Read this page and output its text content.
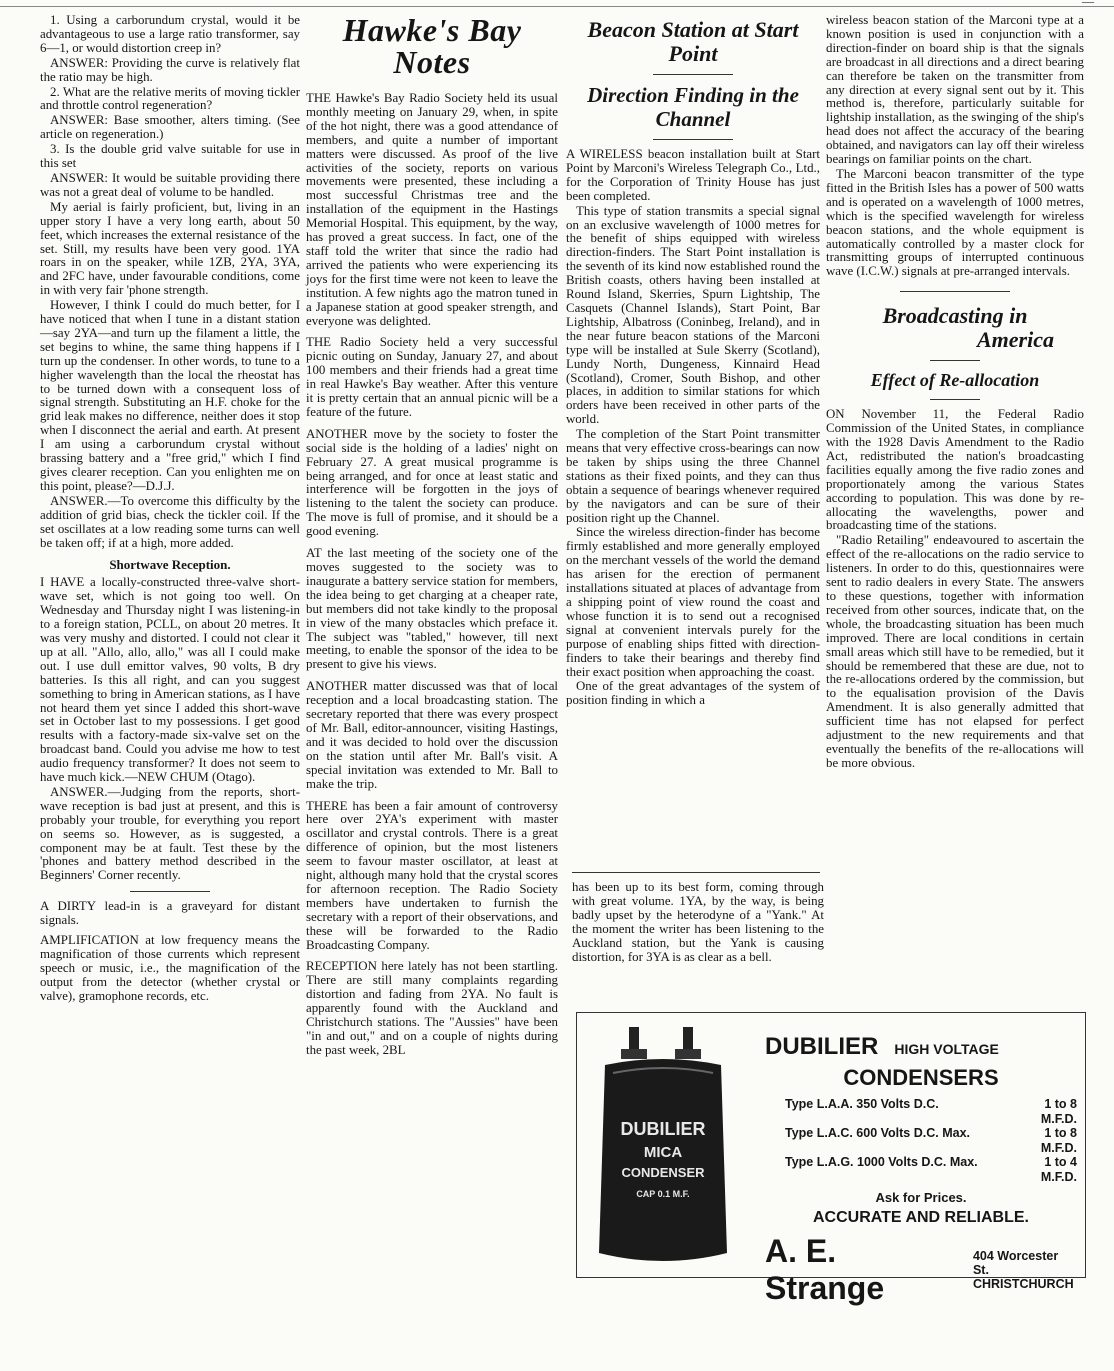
1. Using a carborundum crystal, would it be advantageous to use a large ratio transformer, say 6—1, or would distortion creep in?

ANSWER: Providing the curve is relatively flat the ratio may be high.

2. What are the relative merits of moving tickler and throttle control regeneration?

ANSWER: Base smoother, alters timing. (See article on regeneration.)

3. Is the double grid valve suitable for use in this set

ANSWER: It would be suitable providing there was not a great deal of volume to be handled.

My aerial is fairly proficient, but, living in an upper story I have a very long earth, about 50 feet, which increases the external resistance of the set. Still, my results have been very good. 1YA roars in on the speaker, while 1ZB, 2YA, 3YA, and 2FC have, under favourable conditions, come in with very fair 'phone strength.

However, I think I could do much better, for I have noticed that when I tune in a distant station—say 2YA—and turn up the filament a little, the set begins to whine, the same thing happens if I turn up the condenser. In other words, to tune to a higher wavelength than the local the rheostat has to be turned down with a consequent loss of signal strength. Substituting an H.F. choke for the grid leak makes no difference, neither does it stop when I disconnect the aerial and earth. At present I am using a carborundum crystal without brassing battery and a "free grid," which I find gives clearer reception. Can you enlighten me on this point, please?—D.J.J.

ANSWER.—To overcome this difficulty by the addition of grid bias, check the tickler coil. If the set oscillates at a low reading some turns can well be taken off; if at a high, more added.

Shortwave Reception.

I HAVE a locally-constructed three-valve short-wave set, which is not going too well. On Wednesday and Thursday night I was listening-in to a foreign station, PCLL, on about 20 metres. It was very mushy and distorted. I could not clear it up at all. "Allo, allo, allo," was all I could make out. I use dull emittor valves, 90 volts, B dry batteries. Is this all right, and can you suggest something to bring in American stations, as I have not heard them yet since I added this short-wave set in October last to my possessions. I get good results with a factory-made six-valve set on the broadcast band. Could you advise me how to test audio frequency transformer? It does not seem to have much kick.—NEW CHUM (Otago).

ANSWER.—Judging from the reports, short-wave reception is bad just at present, and this is probably your trouble, for everything you report on seems so. However, as is suggested, a component may be at fault. Test these by the 'phones and battery method described in the Beginners' Corner recently.

A DIRTY lead-in is a graveyard for distant signals.

AMPLIFICATION at low frequency means the magnification of those currents which represent speech or music, i.e., the magnification of the output from the detector (whether crystal or valve), gramophone records, etc.

Hawke's Bay
Notes

THE Hawke's Bay Radio Society held its usual monthly meeting on January 29, when, in spite of the hot night, there was a good attendance of members, and quite a number of important matters were discussed. As proof of the live activities of the society, reports on various movements were presented, these including a most successful Christmas tree and the installation of the equipment in the Hastings Memorial Hospital. This equipment, by the way, has proved a great success. In fact, one of the staff told the writer that since the radio had arrived the patients who were experiencing its joys for the first time were not keen to leave the institution. A few nights ago the matron tuned in a Japanese station at good speaker strength, and everyone was delighted.

THE Radio Society held a very successful picnic outing on Sunday, January 27, and about 100 members and their friends had a great time in real Hawke's Bay weather. After this venture it is pretty certain that an annual picnic will be a feature of the future.

ANOTHER move by the society to foster the social side is the holding of a ladies' night on February 27. A great musical programme is being arranged, and for once at least static and interference will be forgotten in the joys of listening to the talent the society can produce. The move is full of promise, and it should be a good evening.

AT the last meeting of the society one of the moves suggested to the society was to inaugurate a battery service station for members, the idea being to get charging at a cheaper rate, but members did not take kindly to the proposal in view of the many obstacles which preface it. The subject was "tabled," however, till next meeting, to enable the sponsor of the idea to be present to give his views.

ANOTHER matter discussed was that of local reception and a local broadcasting station. The secretary reported that there was every prospect of Mr. Ball, editor-announcer, visiting Hastings, and it was decided to hold over the discussion on the station until after Mr. Ball's visit. A special invitation was extended to Mr. Ball to make the trip.

THERE has been a fair amount of controversy here over 2YA's experiment with master oscillator and crystal controls. There is a great difference of opinion, but the most listeners seem to favour master oscillator, at least at night, although many hold that the crystal scores for afternoon reception. The Radio Society members have undertaken to furnish the secretary with a report of their observations, and these will be forwarded to the Radio Broadcasting Company.

RECEPTION here lately has not been startling. There are still many complaints regarding distortion and fading from 2YA. No fault is apparently found with the Auckland and Christchurch stations. The "Aussies" have been "in and out," and on a couple of nights during the past week, 2BL

Beacon Station at Start Point
Direction Finding in the Channel

A WIRELESS beacon installation built at Start Point by Marconi's Wireless Telegraph Co., Ltd., for the Corporation of Trinity House has just been completed.

This type of station transmits a special signal on an exclusive wavelength of 1000 metres for the benefit of ships equipped with wireless direction-finders. The Start Point installation is the seventh of its kind now established round the British coasts, others having been installed at Round Island, Skerries, Spurn Lightship, The Casquets (Channel Islands), Start Point, Bar Lightship, Albatross (Coninbeg, Ireland), and in the near future beacon stations of the Marconi type will be installed at Sule Skerry (Scotland), Lundy North, Dungeness, Kinnaird Head (Scotland), Cromer, South Bishop, and other places, in addition to similar stations for which orders have been received in other parts of the world.

The completion of the Start Point transmitter means that very effective cross-bearings can now be taken by ships using the three Channel stations as their fixed points, and they can thus obtain a sequence of bearings whenever required by the navigators and can be sure of their position right up the Channel.

Since the wireless direction-finder has become firmly established and more generally employed on the merchant vessels of the world the demand has arisen for the erection of permanent installations situated at places of advantage from a shipping point of view round the coast and whose function it is to send out a recognised signal at convenient intervals purely for the purpose of enabling ships fitted with direction-finders to take their bearings and thereby find their exact position when approaching the coast.

One of the great advantages of the system of position finding in which a

has been up to its best form, coming through with great volume. 1YA, by the way, is being badly upset by the heterodyne of a "Yank." At the moment the writer has been listening to the Auckland station, but the Yank is causing distortion, for 3YA is as clear as a bell.

wireless beacon station of the Marconi type at a known position is used in conjunction with a direction-finder on board ship is that the signals are broadcast in all directions and a direct bearing can therefore be taken on the transmitter from any direction at every signal sent out by it. This method is, therefore, particularly suitable for lightship installation, as the swinging of the ship's head does not affect the accuracy of the bearing obtained, and navigators can lay off their wireless bearings on familiar points on the chart.

The Marconi beacon transmitter of the type fitted in the British Isles has a power of 500 watts and is operated on a wavelength of 1000 metres, which is the specified wavelength for wireless beacon stations, and the whole equipment is automatically controlled by a master clock for transmitting groups of interrupted continuous wave (I.C.W.) signals at pre-arranged intervals.

Broadcasting in
America
Effect of Re-allocation

ON November 11, the Federal Radio Commission of the United States, in compliance with the 1928 Davis Amendment to the Radio Act, redistributed the nation's broadcasting facilities equally among the five radio zones and proportionately among the various States according to population. This was done by re-allocating the wavelengths, power and broadcasting time of the stations.

"Radio Retailing" endeavoured to ascertain the effect of the re-allocations on the radio service to listeners. In order to do this, questionnaires were sent to radio dealers in every State. The answers to these questions, together with information received from other sources, indicate that, on the whole, the broadcasting situation has been much improved. There are local conditions in certain small areas which still have to be remedied, but it should be remembered that these are due, not to the re-allocations ordered by the commission, but to the equalisation provision of the Davis Amendment. It is also generally admitted that sufficient time has not elapsed for perfect adjustment to the new requirements and that eventually the benefits of the re-allocations will be more obvious.

DUBILIER
MICA
CONDENSER
CAP 0.1 M.F.
DUBILIER HIGH VOLTAGE
CONDENSERS
Type L.A.A. 350 Volts D.C.	1 to 8
M.F.D.
Type L.A.C. 600 Volts D.C. Max.	1 to 8
M.F.D.
Type L.A.G. 1000 Volts D.C. Max.	1 to 4
M.F.D.
Ask for Prices.
ACCURATE AND RELIABLE.
A. E. Strange
404 Worcester St.
CHRISTCHURCH
—
